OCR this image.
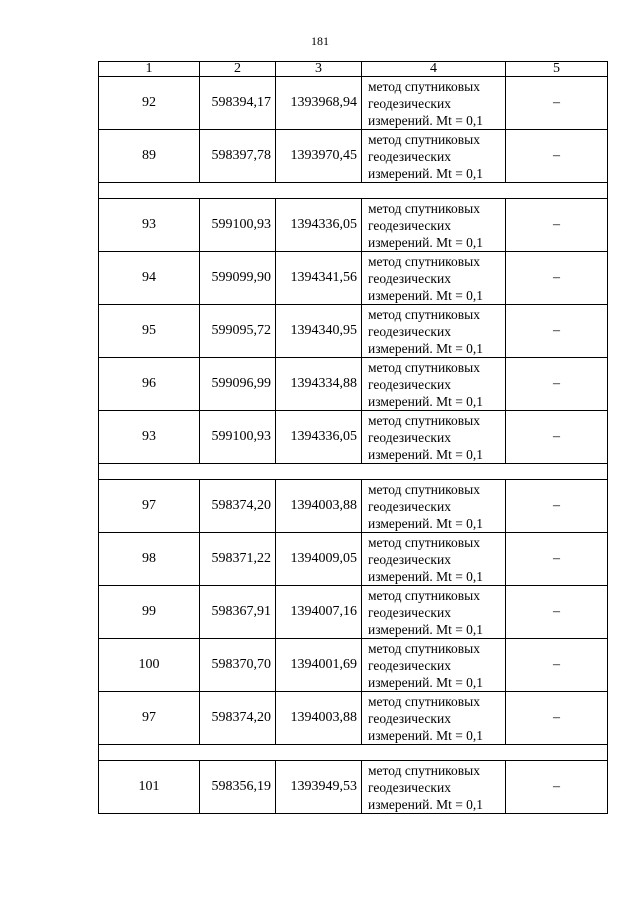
181
1	2	3	4	5
92	598394,17	1393968,94	метод спутниковых
геодезических
измерений. Mt = 0,1	–
89	598397,78	1393970,45	метод спутниковых
геодезических
измерений. Mt = 0,1	–

93	599100,93	1394336,05	метод спутниковых
геодезических
измерений. Mt = 0,1	–
94	599099,90	1394341,56	метод спутниковых
геодезических
измерений. Mt = 0,1	–
95	599095,72	1394340,95	метод спутниковых
геодезических
измерений. Mt = 0,1	–
96	599096,99	1394334,88	метод спутниковых
геодезических
измерений. Mt = 0,1	–
93	599100,93	1394336,05	метод спутниковых
геодезических
измерений. Mt = 0,1	–

97	598374,20	1394003,88	метод спутниковых
геодезических
измерений. Mt = 0,1	–
98	598371,22	1394009,05	метод спутниковых
геодезических
измерений. Mt = 0,1	–
99	598367,91	1394007,16	метод спутниковых
геодезических
измерений. Mt = 0,1	–
100	598370,70	1394001,69	метод спутниковых
геодезических
измерений. Mt = 0,1	–
97	598374,20	1394003,88	метод спутниковых
геодезических
измерений. Mt = 0,1	–

101	598356,19	1393949,53	метод спутниковых
геодезических
измерений. Mt = 0,1	–
